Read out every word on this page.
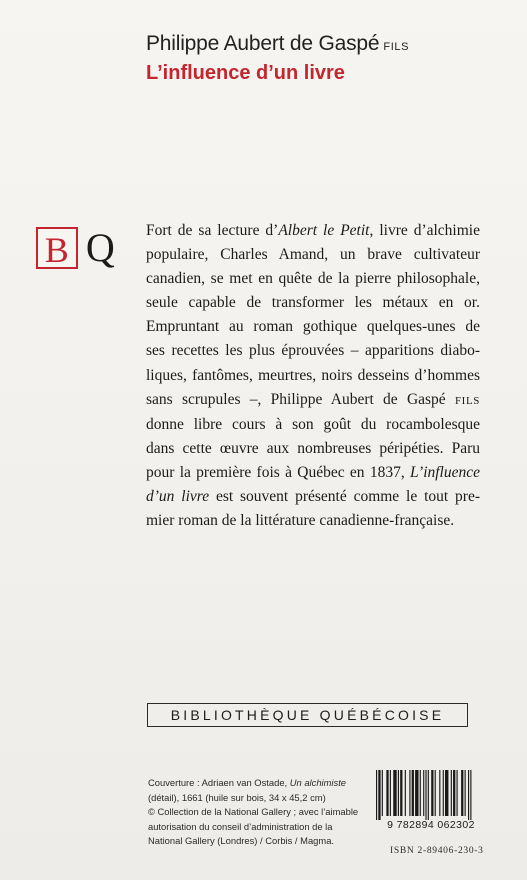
Philippe Aubert de Gaspé FILS
L’influence d’un livre
B Q	Fort de sa lecture d’Albert le Petit, livre d’alchimie
populaire, Charles Amand, un brave cultivateur
canadien, se met en quête de la pierre philosophale,
seule capable de transformer les métaux en or.
Empruntant au roman gothique quelques-unes de
ses recettes les plus éprouvées – apparitions diabo-
liques, fantômes, meurtres, noirs desseins d’hommes
sans scrupules –, Philippe Aubert de Gaspé FILS
donne libre cours à son goût du rocambolesque
dans cette œuvre aux nombreuses péripéties. Paru
pour la première fois à Québec en 1837, L’influence
d’un livre est souvent présenté comme le tout pre-
mier roman de la littérature canadienne-française.
BIBLIOTHÈQUE QUÉBÉCOISE
Couverture : Adriaen van Ostade, Un alchimiste
(détail), 1661 (huile sur bois, 34 x 45,2 cm)
© Collection de la National Gallery ; avec l’aimable
autorisation du conseil d’administration de la
National Gallery (Londres) / Corbis / Magma.
9 782894 062302
ISBN 2-89406-230-3
